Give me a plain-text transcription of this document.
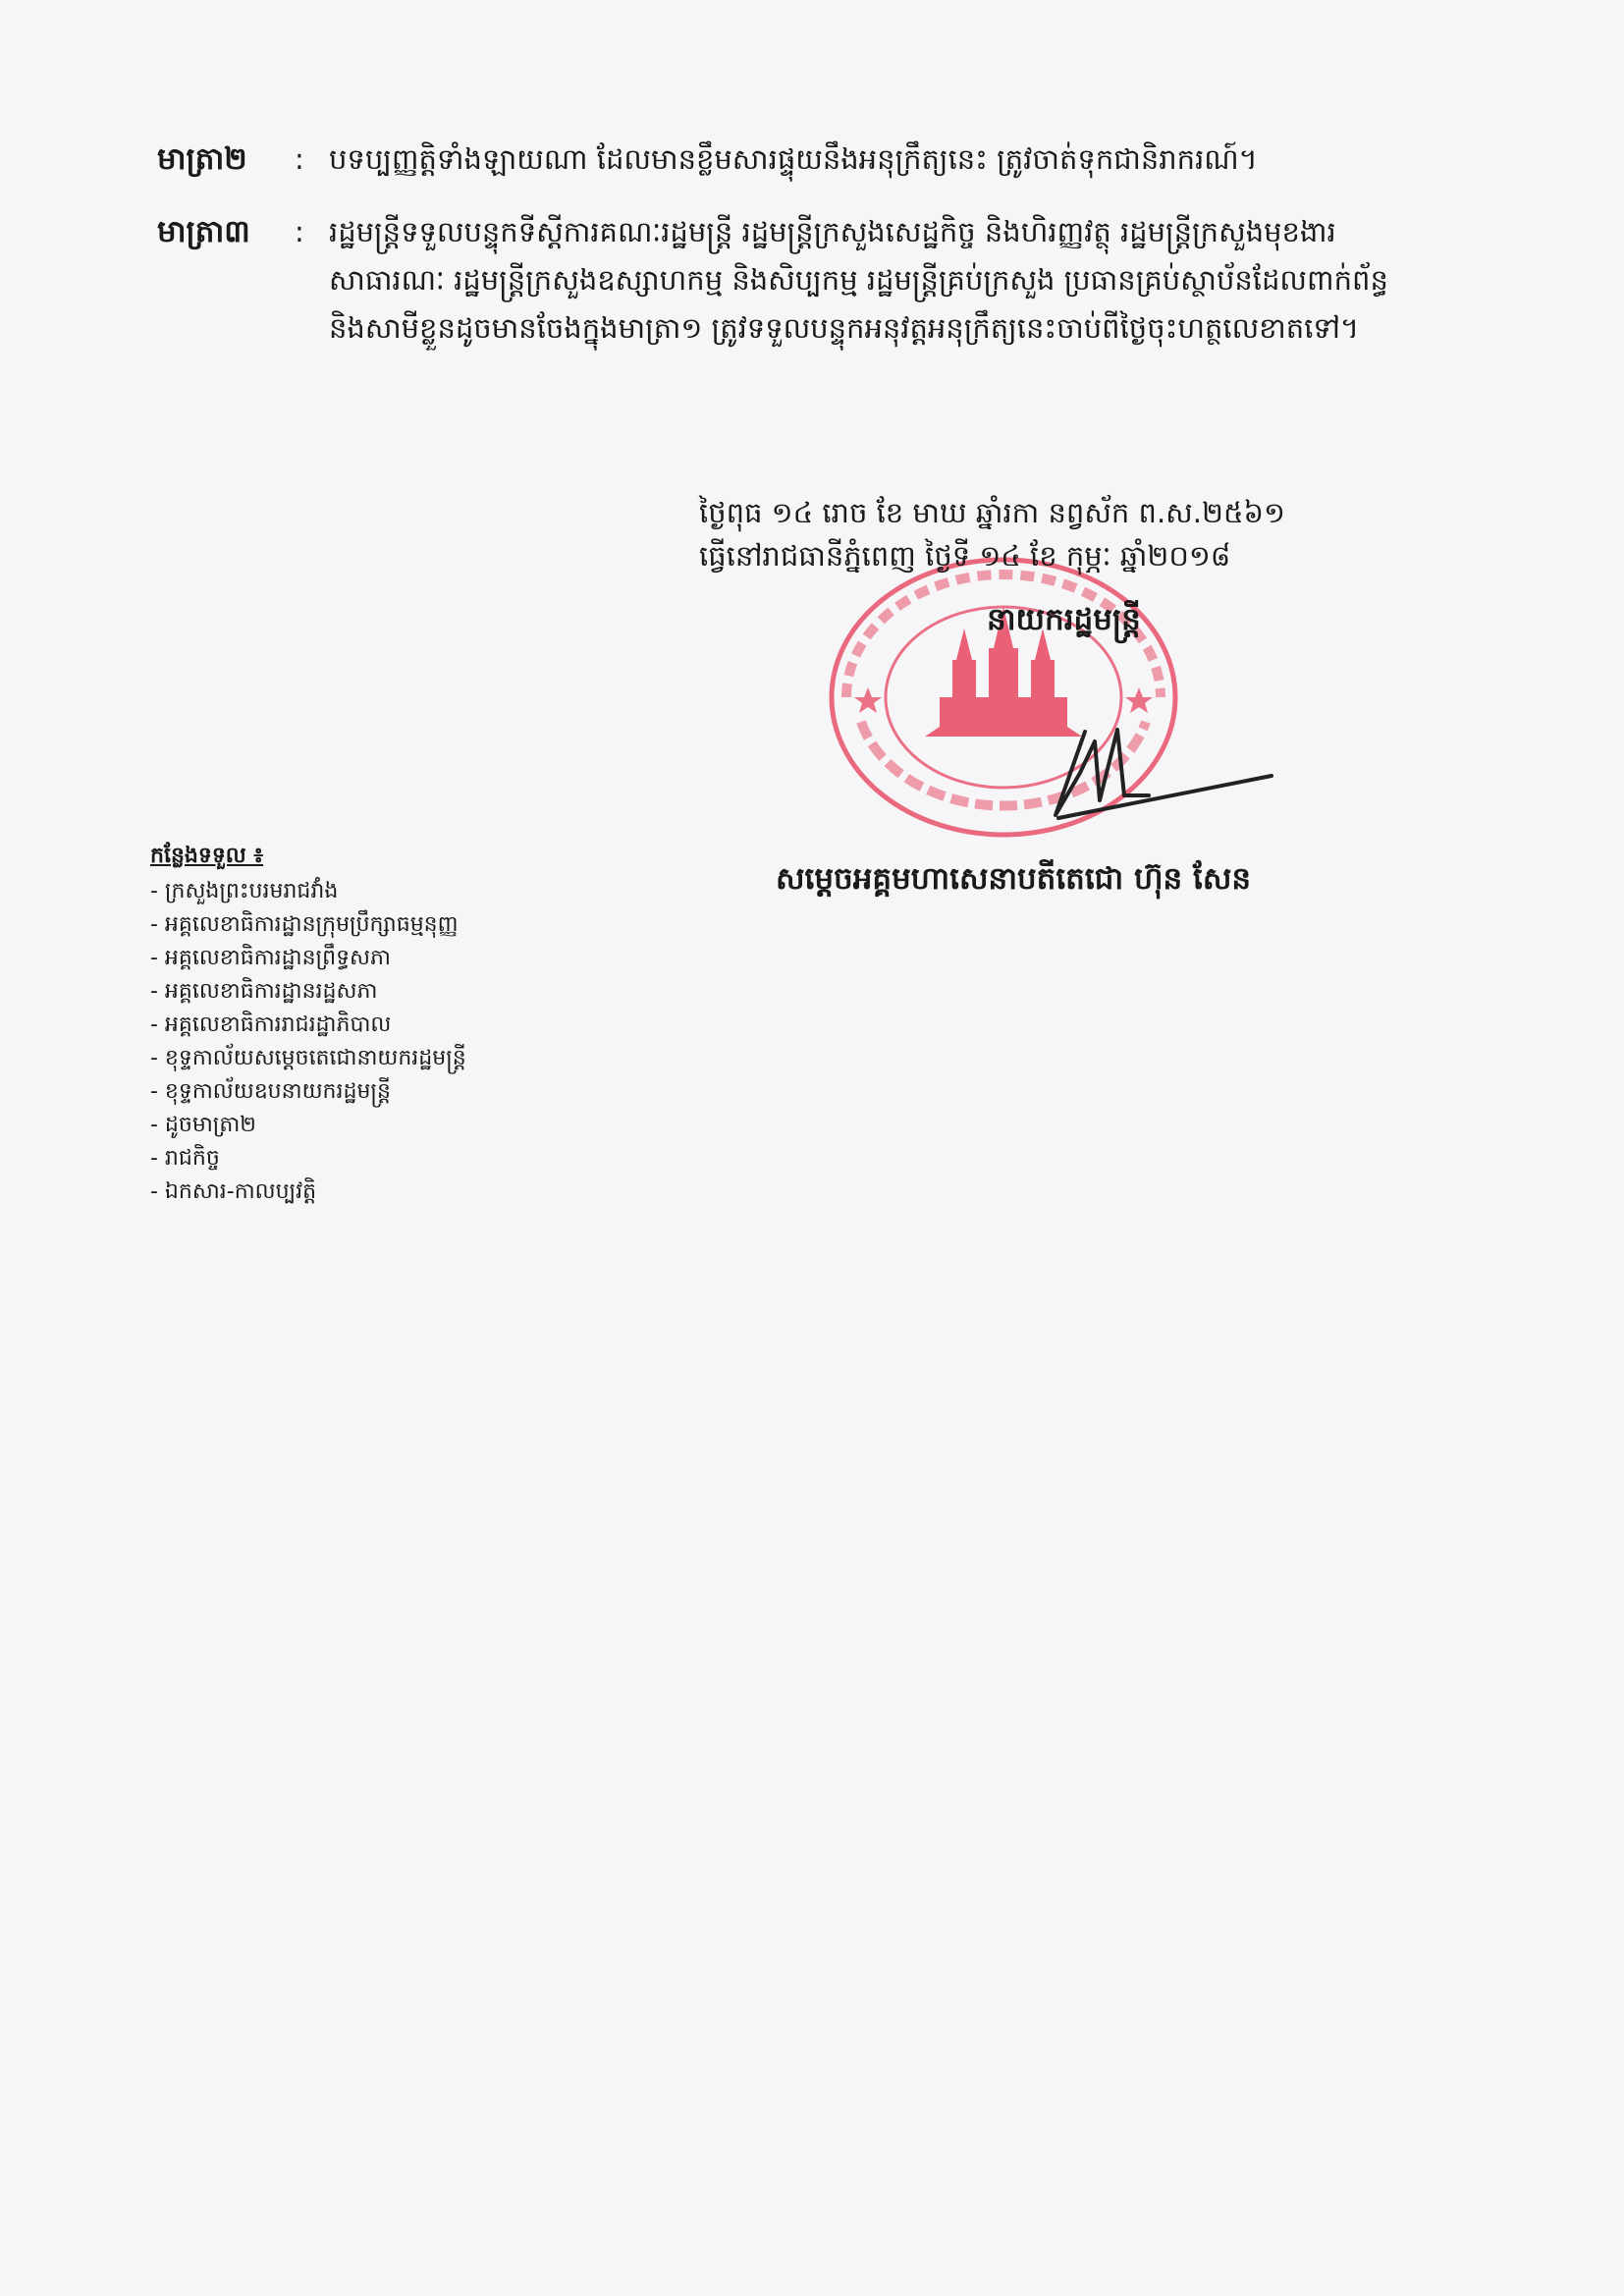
មាត្រា២ : បទប្បញ្ញត្តិទាំងឡាយណា ដែលមានខ្លឹមសារផ្ទុយនឹងអនុក្រឹត្យនេះ ត្រូវចាត់ទុកជានិរាករណ៍។
មាត្រា៣ : រដ្ឋមន្ត្រីទទួលបន្ទុកទីស្តីការគណៈរដ្ឋមន្ត្រី រដ្ឋមន្ត្រីក្រសួងសេដ្ឋកិច្ច និងហិរញ្ញវត្ថុ រដ្ឋមន្ត្រីក្រសួងមុខងារ
សាធារណៈ រដ្ឋមន្ត្រីក្រសួងឧស្សាហកម្ម និងសិប្បកម្ម រដ្ឋមន្ត្រីគ្រប់ក្រសួង ប្រធានគ្រប់ស្ថាប័នដែលពាក់ព័ន្ធ
និងសាមីខ្លួនដូចមានចែងក្នុងមាត្រា១ ត្រូវទទួលបន្ទុកអនុវត្តអនុក្រឹត្យនេះចាប់ពីថ្ងៃចុះហត្ថលេខាតទៅ។
ថ្ងៃពុធ ១៤ រោច ខែ មាឃ ឆ្នាំរកា នព្វស័ក ព.ស.២៥៦១
ធ្វើនៅរាជធានីភ្នំពេញ ថ្ងៃទី ១៤ ខែ កុម្ភៈ ឆ្នាំ២០១៨
នាយករដ្ឋមន្ត្រី
សម្តេចអគ្គមហាសេនាបតីតេជោ ហ៊ុន សែន
កន្លែងទទួល ៖
- ក្រសួងព្រះបរមរាជវាំង
- អគ្គលេខាធិការដ្ឋានក្រុមប្រឹក្សាធម្មនុញ្ញ
- អគ្គលេខាធិការដ្ឋានព្រឹទ្ធសភា
- អគ្គលេខាធិការដ្ឋានរដ្ឋសភា
- អគ្គលេខាធិការរាជរដ្ឋាភិបាល
- ខុទ្ទកាល័យសម្តេចតេជោនាយករដ្ឋមន្ត្រី
- ខុទ្ទកាល័យឧបនាយករដ្ឋមន្ត្រី
- ដូចមាត្រា២
- រាជកិច្ច
- ឯកសារ-កាលប្បវត្តិ
